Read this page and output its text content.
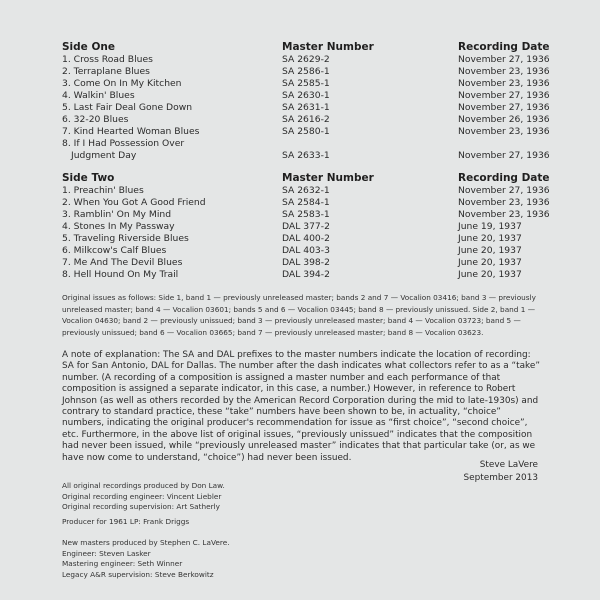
Side One	Master Number	Recording Date
1. Cross Road Blues	SA 2629-2	November 27, 1936
2. Terraplane Blues	SA 2586-1	November 23, 1936
3. Come On In My Kitchen	SA 2585-1	November 23, 1936
4. Walkin' Blues	SA 2630-1	November 27, 1936
5. Last Fair Deal Gone Down	SA 2631-1	November 27, 1936
6. 32-20 Blues	SA 2616-2	November 26, 1936
7. Kind Hearted Woman Blues	SA 2580-1	November 23, 1936
8. If I Had Possession Over
Judgment Day	SA 2633-1	November 27, 1936
Side Two	Master Number	Recording Date
1. Preachin' Blues	SA 2632-1	November 27, 1936
2. When You Got A Good Friend	SA 2584-1	November 23, 1936
3. Ramblin' On My Mind	SA 2583-1	November 23, 1936
4. Stones In My Passway	DAL 377-2	June 19, 1937
5. Traveling Riverside Blues	DAL 400-2	June 20, 1937
6. Milkcow's Calf Blues	DAL 403-3	June 20, 1937
7. Me And The Devil Blues	DAL 398-2	June 20, 1937
8. Hell Hound On My Trail	DAL 394-2	June 20, 1937

Original issues as follows: Side 1, band 1 — previously unreleased master; bands 2 and 7 — Vocalion 03416; band 3 — previously unreleased master; band 4 — Vocalion 03601; bands 5 and 6 — Vocalion 03445; band 8 — previously unissued. Side 2, band 1 — Vocalion 04630; band 2 — previously unissued; band 3 — previously unreleased master; band 4 — Vocalion 03723; band 5 — previously unissued; band 6 — Vocalion 03665; band 7 — previously unreleased master; band 8 — Vocalion 03623.

A note of explanation: The SA and DAL prefixes to the master numbers indicate the location of recording: SA for San Antonio, DAL for Dallas. The number after the dash indicates what collectors refer to as a “take” number. (A recording of a composition is assigned a master number and each performance of that composition is assigned a separate indicator, in this case, a number.) However, in reference to Robert Johnson (as well as others recorded by the American Record Corporation during the mid to late-1930s) and contrary to standard practice, these “take” numbers have been shown to be, in actuality, “choice” numbers, indicating the original producer's recommendation for issue as “first choice”, “second choice”, etc. Furthermore, in the above list of original issues, “previously unissued” indicates that the composition had never been issued, while “previously unreleased master” indicates that that particular take (or, as we have now come to understand, “choice”) had never been issued.

Steve LaVere
September 2013
All original recordings produced by Don Law.
Original recording engineer: Vincent Liebler
Original recording supervision: Art Satherly
Producer for 1961 LP: Frank Driggs
New masters produced by Stephen C. LaVere.
Engineer: Steven Lasker
Mastering engineer: Seth Winner
Legacy A&R supervision: Steve Berkowitz
